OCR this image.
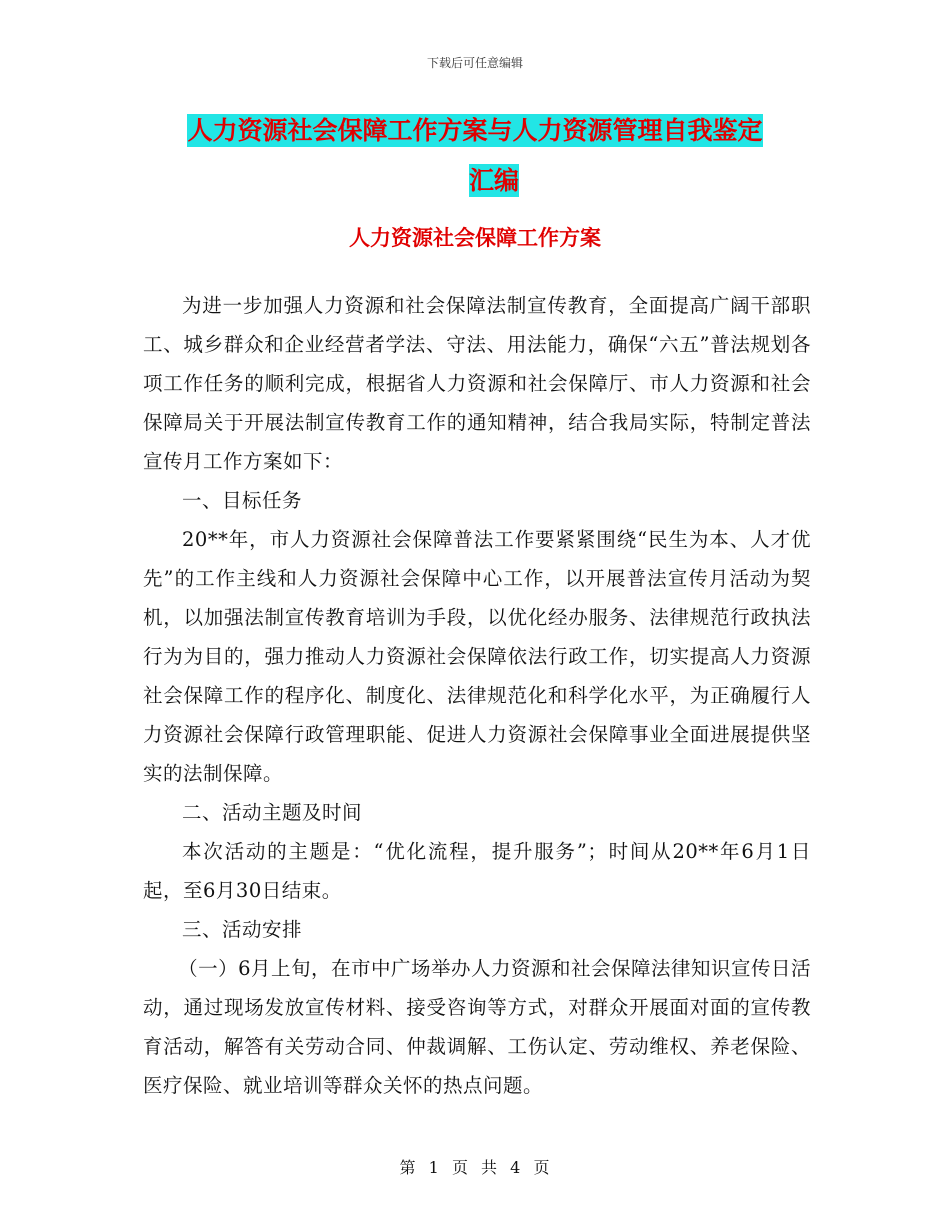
下载后可任意编辑
人力资源社会保障工作方案与人力资源管理自我鉴定
汇编
人力资源社会保障工作方案

为进一步加强人力资源和社会保障法制宣传教育，全面提高广阔干部职工、城乡群众和企业经营者学法、守法、用法能力，确保“六五”普法规划各项工作任务的顺利完成，根据省人力资源和社会保障厅、市人力资源和社会保障局关于开展法制宣传教育工作的通知精神，结合我局实际，特制定普法宣传月工作方案如下：

一、目标任务

20**年，市人力资源社会保障普法工作要紧紧围绕“民生为本、人才优先”的工作主线和人力资源社会保障中心工作，以开展普法宣传月活动为契机，以加强法制宣传教育培训为手段，以优化经办服务、法律规范行政执法行为为目的，强力推动人力资源社会保障依法行政工作，切实提高人力资源社会保障工作的程序化、制度化、法律规范化和科学化水平，为正确履行人力资源社会保障行政管理职能、促进人力资源社会保障事业全面进展提供坚实的法制保障。

二、活动主题及时间

本次活动的主题是：“优化流程，提升服务”；时间从20**年6月1日起，至6月30日结束。

三、活动安排

（一）6月上旬，在市中广场举办人力资源和社会保障法律知识宣传日活动，通过现场发放宣传材料、接受咨询等方式，对群众开展面对面的宣传教育活动，解答有关劳动合同、仲裁调解、工伤认定、劳动维权、养老保险、医疗保险、就业培训等群众关怀的热点问题。

第 1 页 共 4 页
